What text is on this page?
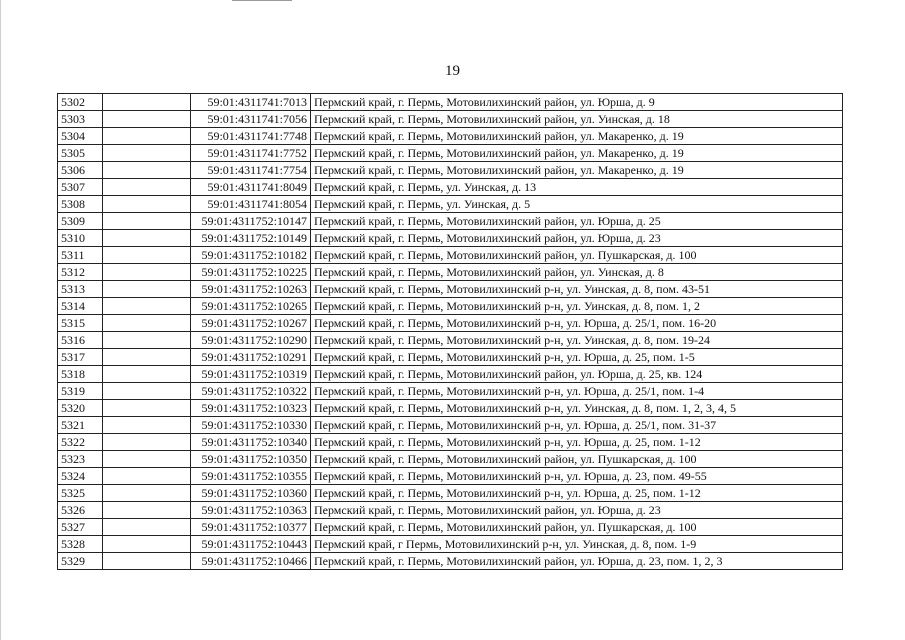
19
5302		59:01:4311741:7013	Пермский край, г. Пермь, Мотовилихинский район, ул. Юрша, д. 9
5303		59:01:4311741:7056	Пермский край, г. Пермь, Мотовилихинский район, ул. Уинская, д. 18
5304		59:01:4311741:7748	Пермский край, г. Пермь, Мотовилихинский район, ул. Макаренко, д. 19
5305		59:01:4311741:7752	Пермский край, г. Пермь, Мотовилихинский район, ул. Макаренко, д. 19
5306		59:01:4311741:7754	Пермский край, г. Пермь, Мотовилихинский район, ул. Макаренко, д. 19
5307		59:01:4311741:8049	Пермский край, г. Пермь, ул. Уинская, д. 13
5308		59:01:4311741:8054	Пермский край, г. Пермь, ул. Уинская, д. 5
5309		59:01:4311752:10147	Пермский край, г. Пермь, Мотовилихинский район, ул. Юрша, д. 25
5310		59:01:4311752:10149	Пермский край, г. Пермь, Мотовилихинский район, ул. Юрша, д. 23
5311		59:01:4311752:10182	Пермский край, г. Пермь, Мотовилихинский район, ул. Пушкарская, д. 100
5312		59:01:4311752:10225	Пермский край, г. Пермь, Мотовилихинский район, ул. Уинская, д. 8
5313		59:01:4311752:10263	Пермский край, г. Пермь, Мотовилихинский р-н, ул. Уинская, д. 8, пом. 43-51
5314		59:01:4311752:10265	Пермский край, г. Пермь, Мотовилихинский р-н, ул. Уинская, д. 8, пом. 1, 2
5315		59:01:4311752:10267	Пермский край, г. Пермь, Мотовилихинский р-н, ул. Юрша, д. 25/1, пом. 16-20
5316		59:01:4311752:10290	Пермский край, г. Пермь, Мотовилихинский р-н, ул. Уинская, д. 8, пом. 19-24
5317		59:01:4311752:10291	Пермский край, г. Пермь, Мотовилихинский р-н, ул. Юрша, д. 25, пом. 1-5
5318		59:01:4311752:10319	Пермский край, г. Пермь, Мотовилихинский район, ул. Юрша, д. 25, кв. 124
5319		59:01:4311752:10322	Пермский край, г. Пермь, Мотовилихинский р-н, ул. Юрша, д. 25/1, пом. 1-4
5320		59:01:4311752:10323	Пермский край, г. Пермь, Мотовилихинский р-н, ул. Уинская, д. 8, пом. 1, 2, 3, 4, 5
5321		59:01:4311752:10330	Пермский край, г. Пермь, Мотовилихинский р-н, ул. Юрша, д. 25/1, пом. 31-37
5322		59:01:4311752:10340	Пермский край, г. Пермь, Мотовилихинский р-н, ул. Юрша, д. 25, пом. 1-12
5323		59:01:4311752:10350	Пермский край, г. Пермь, Мотовилихинский район, ул. Пушкарская, д. 100
5324		59:01:4311752:10355	Пермский край, г. Пермь, Мотовилихинский р-н, ул. Юрша, д. 23, пом. 49-55
5325		59:01:4311752:10360	Пермский край, г. Пермь, Мотовилихинский р-н, ул. Юрша, д. 25, пом. 1-12
5326		59:01:4311752:10363	Пермский край, г. Пермь, Мотовилихинский район, ул. Юрша, д. 23
5327		59:01:4311752:10377	Пермский край, г. Пермь, Мотовилихинский район, ул. Пушкарская, д. 100
5328		59:01:4311752:10443	Пермский край, г Пермь, Мотовилихинский р-н, ул. Уинская, д. 8, пом. 1-9
5329		59:01:4311752:10466	Пермский край, г. Пермь, Мотовилихинский район, ул. Юрша, д. 23, пом. 1, 2, 3
